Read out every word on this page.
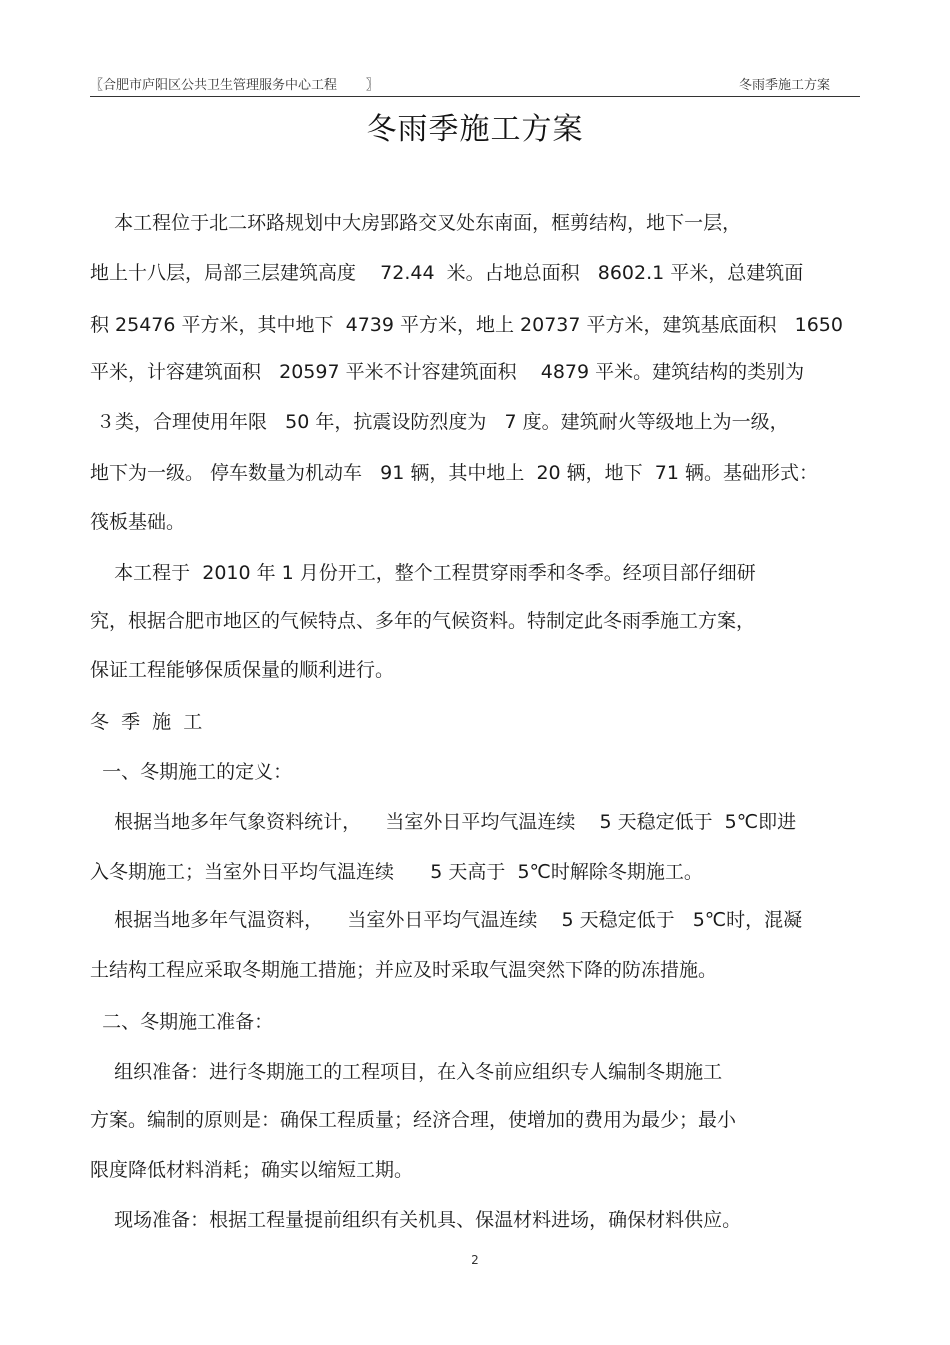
〖合肥市庐阳区公共卫生管理服务中心工程       〗	冬雨季施工方案
冬雨季施工方案
本工程位于北二环路规划中大房郢路交叉处东南面，框剪结构，地下一层，
地上十八层，局部三层建筑高度    72.44  米。占地总面积   8602.1 平米，总建筑面
积 25476 平方米，其中地下  4739 平方米，地上 20737 平方米，建筑基底面积   1650
平米，计容建筑面积   20597 平米不计容建筑面积    4879 平米。建筑结构的类别为
３类，合理使用年限   50 年，抗震设防烈度为   7 度。建筑耐火等级地上为一级，
地下为一级。 停车数量为机动车   91 辆，其中地上  20 辆，地下  71 辆。基础形式：
筏板基础。
本工程于  2010 年 1 月份开工，整个工程贯穿雨季和冬季。经项目部仔细研
究，根据合肥市地区的气候特点、多年的气候资料。特制定此冬雨季施工方案，
保证工程能够保质保量的顺利进行。
冬  季  施  工
一、冬期施工的定义：
根据当地多年气象资料统计，    当室外日平均气温连续    5 天稳定低于  5℃即进
入冬期施工；当室外日平均气温连续      5 天高于  5℃时解除冬期施工。
根据当地多年气温资料，    当室外日平均气温连续    5 天稳定低于   5℃时，混凝
土结构工程应采取冬期施工措施；并应及时采取气温突然下降的防冻措施。
二、冬期施工准备：
组织准备：进行冬期施工的工程项目，在入冬前应组织专人编制冬期施工
方案。编制的原则是：确保工程质量；经济合理，使增加的费用为最少；最小
限度降低材料消耗；确实以缩短工期。
现场准备：根据工程量提前组织有关机具、保温材料进场，确保材料供应。
2
